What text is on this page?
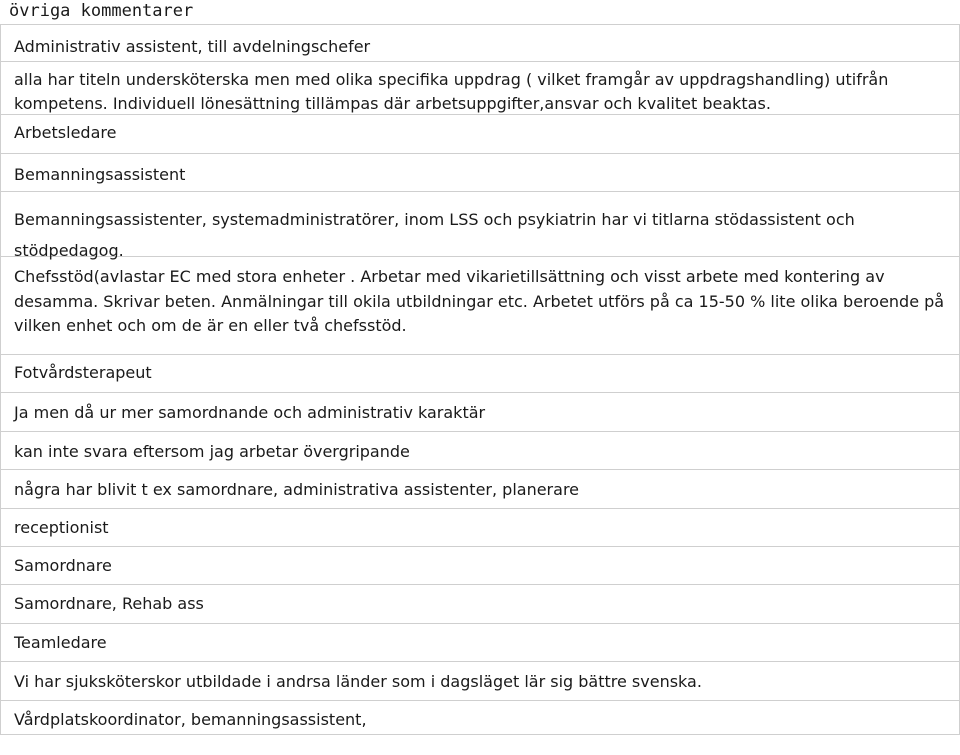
övriga kommentarer
Administrativ assistent, till avdelningschefer
alla har titeln undersköterska men med olika specifika uppdrag ( vilket framgår av uppdragshandling) utifrån kompetens. Individuell lönesättning tillämpas där arbetsuppgifter,ansvar och kvalitet beaktas.
Arbetsledare
Bemanningsassistent
Bemanningsassistenter, systemadministratörer, inom LSS och psykiatrin har vi titlarna stödassistent och stödpedagog.
Chefsstöd(avlastar EC med stora enheter . Arbetar med vikarietillsättning och visst arbete med kontering av desamma. Skrivar beten. Anmälningar till okila utbildningar etc. Arbetet utförs på ca 15-50 % lite olika beroende på vilken enhet och om de är en eller två chefsstöd.
Fotvårdsterapeut
Ja men då ur mer samordnande och administrativ karaktär
kan inte svara eftersom jag arbetar övergripande
några har blivit t ex samordnare, administrativa assistenter, planerare
receptionist
Samordnare
Samordnare, Rehab ass
Teamledare
Vi har sjuksköterskor utbildade i andrsa länder som i dagsläget lär sig bättre svenska.
Vårdplatskoordinator, bemanningsassistent,
